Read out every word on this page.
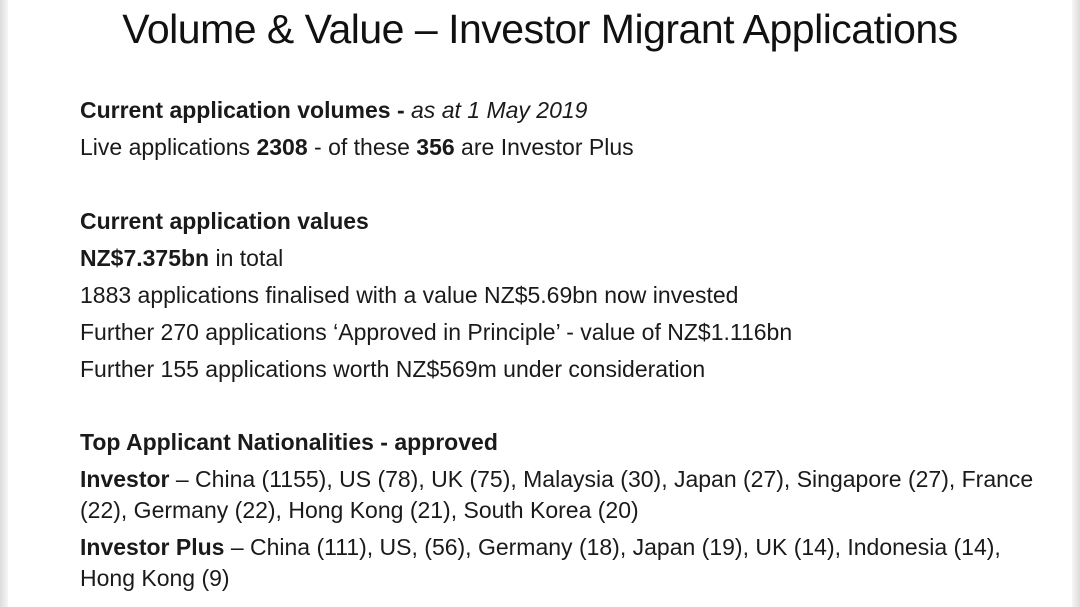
Volume & Value – Investor Migrant Applications
Current application volumes - as at 1 May 2019
Live applications 2308 - of these 356 are Investor Plus
Current application values
NZ$7.375bn in total
1883 applications finalised with a value NZ$5.69bn now invested
Further 270 applications ‘Approved in Principle’ - value of NZ$1.116bn
Further 155 applications worth NZ$569m under consideration
Top Applicant Nationalities - approved
Investor – China (1155), US (78), UK (75), Malaysia (30), Japan (27), Singapore (27), France (22), Germany (22), Hong Kong (21), South Korea (20)
Investor Plus – China (111), US, (56), Germany (18), Japan (19), UK (14), Indonesia (14), Hong Kong (9)
